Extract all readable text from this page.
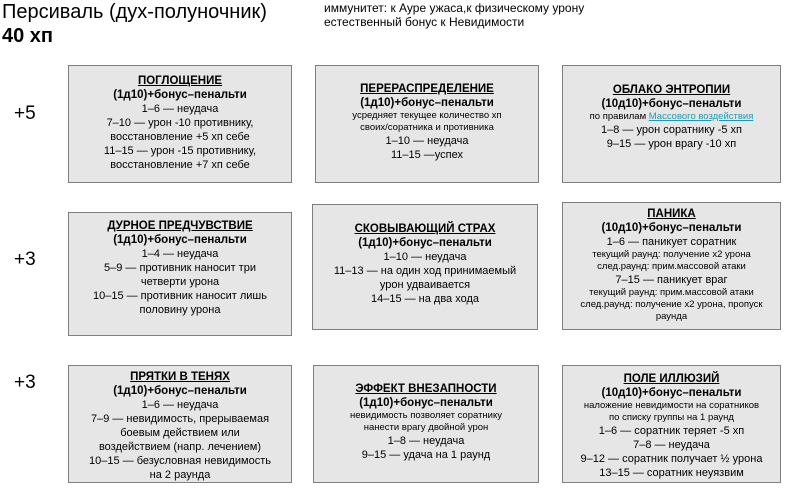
Персиваль (дух-полуночник)
40 хп
иммунитет: к Ауре ужаса,к физическому урону
естественный бонус к Невидимости
+5
+3
+3
ПОГЛОЩЕНИЕ
(1д10)+бонус–пенальти
1–6 — неудача
7–10 — урон -10 противнику,
восстановление +5 хп себе
11–15 — урон -15 противнику,
восстановление +7 хп себе
ПЕРЕРАСПРЕДЕЛЕНИЕ
(1д10)+бонус–пенальти
усредняет текущее количество хп
своих/соратника и противника
1–10 — неудача
11–15 —успех
ОБЛАКО ЭНТРОПИИ
(10д10)+бонус–пенальти
по правилам Массового воздействия
1–8 — урон соратнику -5 хп
9–15 — урон врагу -10 хп
ДУРНОЕ ПРЕДЧУВСТВИЕ
(1д10)+бонус–пенальти
1–4 — неудача
5–9 — противник наносит три
четверти урона
10–15 — противник наносит лишь
половину урона
СКОВЫВАЮЩИЙ СТРАХ
(1д10)+бонус–пенальти
1–10 — неудача
11–13 — на один ход принимаемый
урон удваивается
14–15 — на два хода
ПАНИКА
(10д10)+бонус–пенальти
1–6 — паникует соратник
текущий раунд: получение х2 урона
след.раунд: прим.массовой атаки
7–15 — паникует враг
текущий раунд: прим.массовой атаки
след.раунд: получение х2 урона, пропуск
раунда
ПРЯТКИ В ТЕНЯХ
(1д10)+бонус–пенальти
1–6 — неудача
7–9 — невидимость, прерываемая
боевым действием или
воздействием (напр. лечением)
10–15 — безусловная невидимость
на 2 раунда
ЭФФЕКТ ВНЕЗАПНОСТИ
(1д10)+бонус–пенальти
невидимость позволяет соратнику
нанести врагу двойной урон
1–8 — неудача
9–15 — удача на 1 раунд
ПОЛЕ ИЛЛЮЗИЙ
(10д10)+бонус–пенальти
наложение невидимости на соратников
по списку группы на 1 раунд
1–6 — соратник теряет -5 хп
7–8 — неудача
9–12 — соратник получает ½ урона
13–15 — соратник неуязвим
